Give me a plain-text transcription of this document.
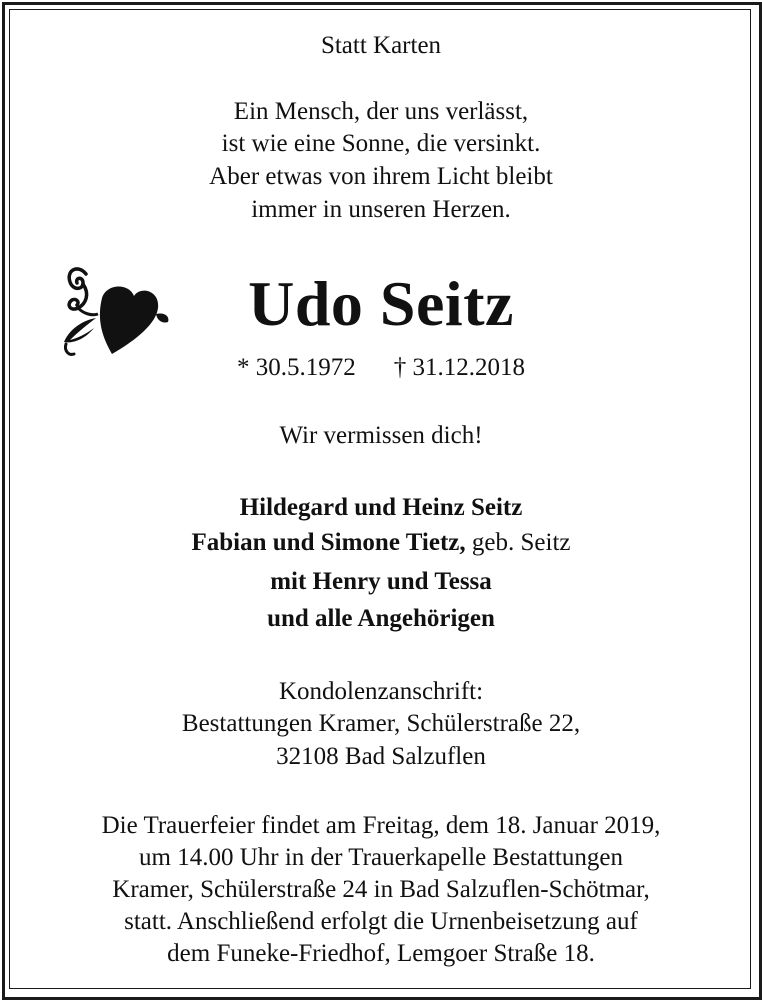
Statt Karten
Ein Mensch, der uns verlässt,
ist wie eine Sonne, die versinkt.
Aber etwas von ihrem Licht bleibt
immer in unseren Herzen.
Udo Seitz
* 30.5.1972 † 31.12.2018
Wir vermissen dich!
Hildegard und Heinz Seitz
Fabian und Simone Tietz, geb. Seitz
mit Henry und Tessa
und alle Angehörigen
Kondolenzanschrift:
Bestattungen Kramer, Schülerstraße 22,
32108 Bad Salzuflen
Die Trauerfeier findet am Freitag, dem 18. Januar 2019,
um 14.00 Uhr in der Trauerkapelle Bestattungen
Kramer, Schülerstraße 24 in Bad Salzuflen-Schötmar,
statt. Anschließend erfolgt die Urnenbeisetzung auf
dem Funeke-Friedhof, Lemgoer Straße 18.
